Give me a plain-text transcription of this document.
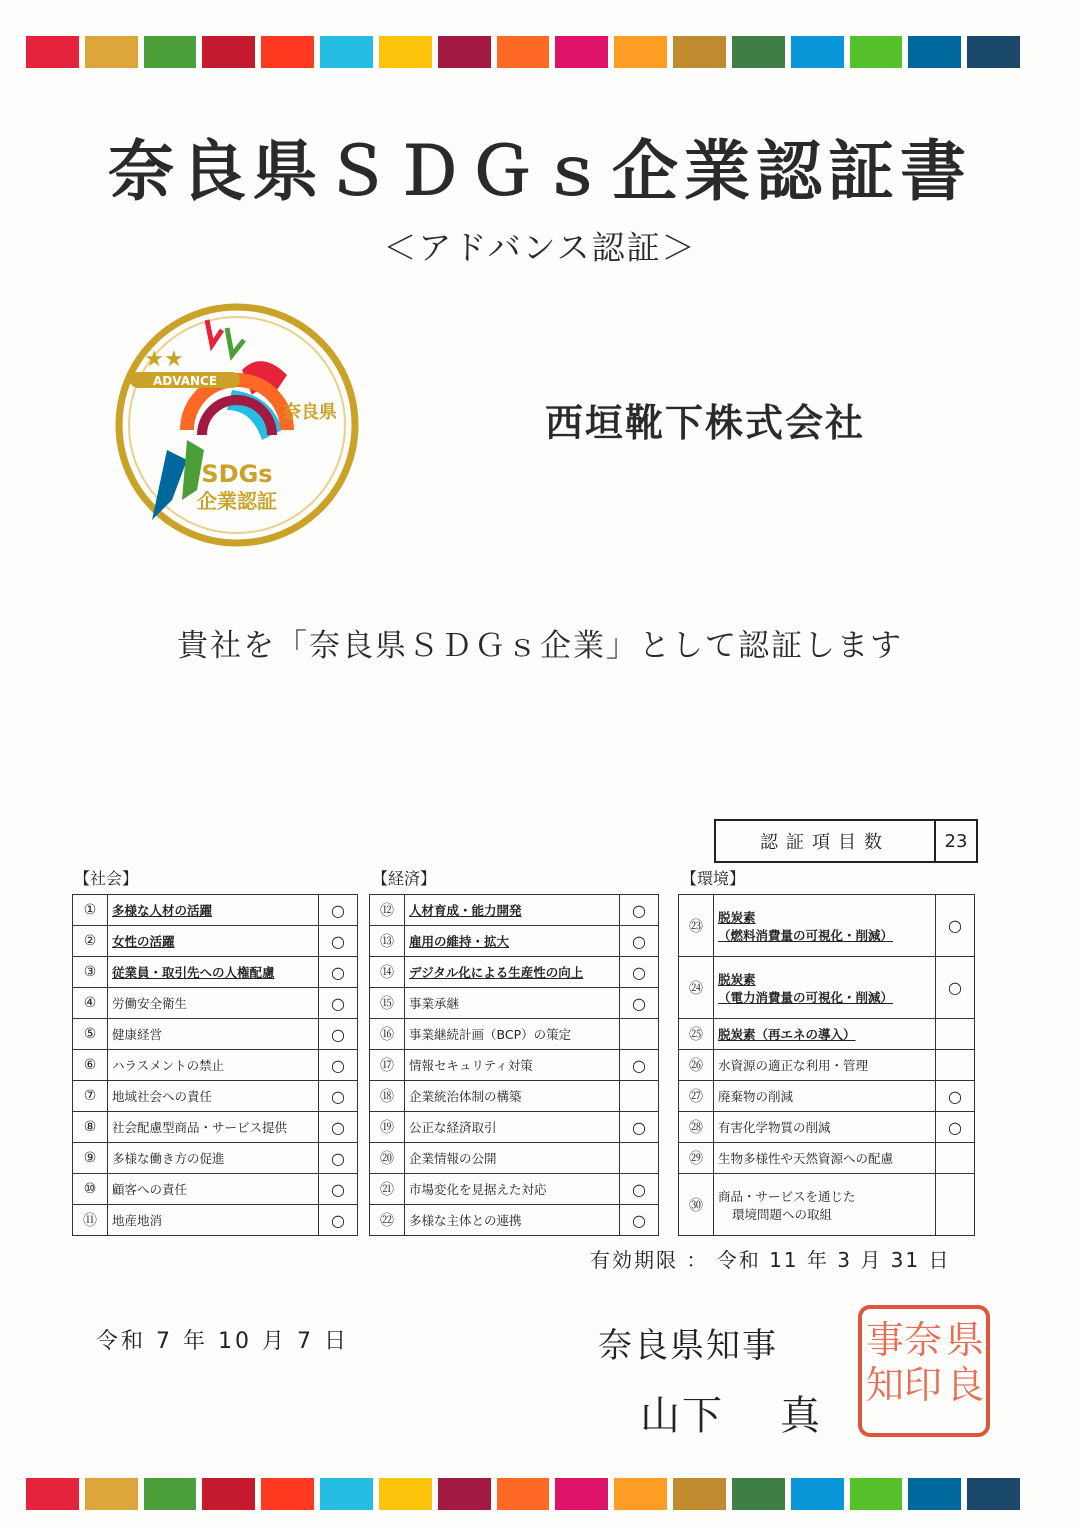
奈良県ＳＤＧｓ企業認証書
＜アドバンス認証＞
ADVANCE
★★
奈良県
SDGs
企業認証
西垣靴下株式会社
貴社を「奈良県ＳＤＧｓ企業」として認証します
認証項目数	23
【社会】	【経済】	【環境】
①	多様な人材の活躍	○
②	女性の活躍	○
③	従業員・取引先への人権配慮	○
④	労働安全衛生	○
⑤	健康経営	○
⑥	ハラスメントの禁止	○
⑦	地域社会への責任	○
⑧	社会配慮型商品・サービス提供	○
⑨	多様な働き方の促進	○
⑩	顧客への責任	○
⑪	地産地消	○
⑫	人材育成・能力開発	○
⑬	雇用の維持・拡大	○
⑭	デジタル化による生産性の向上	○
⑮	事業承継	○
⑯	事業継続計画（BCP）の策定	
⑰	情報セキュリティ対策	○
⑱	企業統治体制の構築	
⑲	公正な経済取引	○
⑳	企業情報の公開	
㉑	市場変化を見据えた対応	○
㉒	多様な主体との連携	○
㉓	脱炭素
（燃料消費量の可視化・削減）	○
㉔	脱炭素
（電力消費量の可視化・削減）	○
㉕	脱炭素（再エネの導入）	
㉖	水資源の適正な利用・管理	
㉗	廃棄物の削減	○
㉘	有害化学物質の削減	○
㉙	生物多様性や天然資源への配慮	
㉚	商品・サービスを通じた
環境問題への取組	
有効期限 ： 令和 11 年 3 月 31 日
令和 7 年 10 月 7 日	奈良県知事
山下 真
県
良
奈
印
事
知
